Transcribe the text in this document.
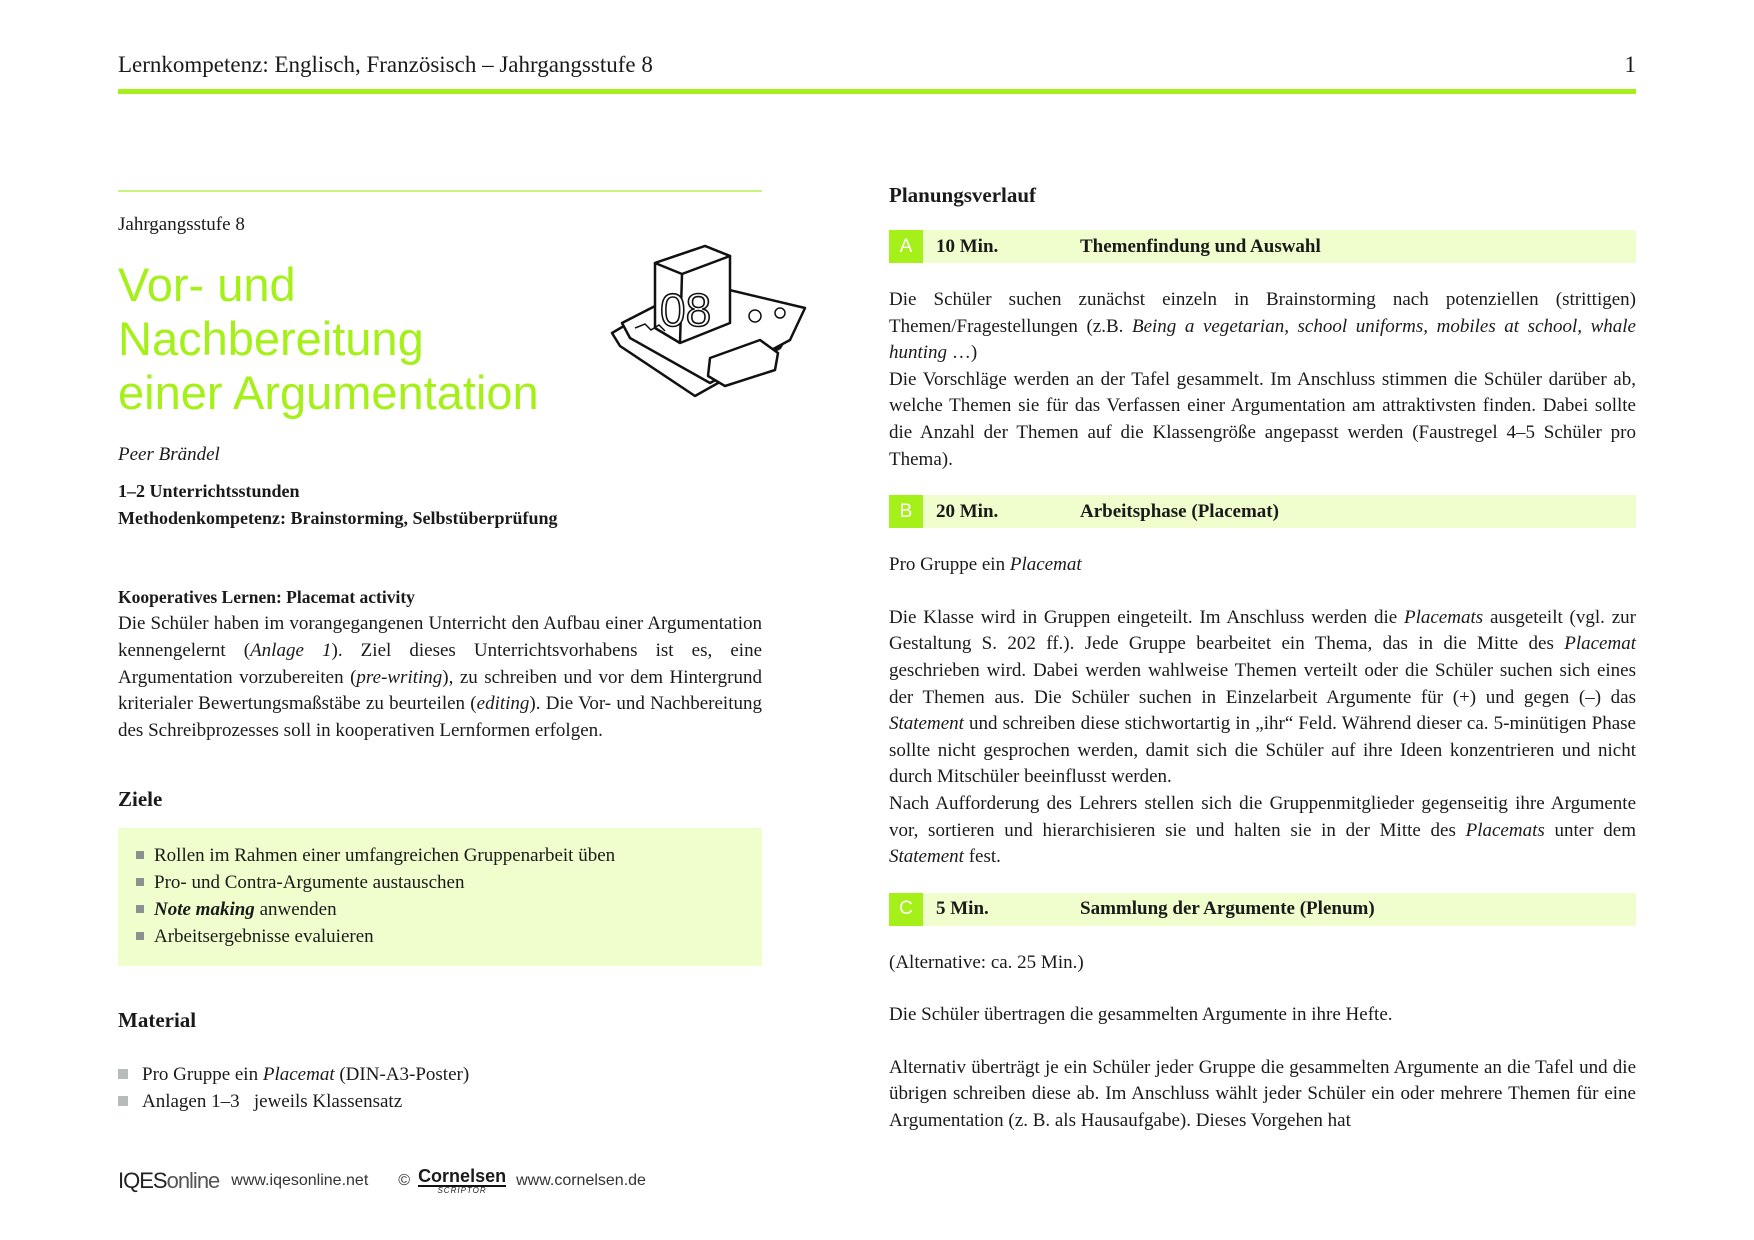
Lernkompetenz: Englisch, Französisch – Jahrgangsstufe 8	1
Jahrgangsstufe 8
Vor- und
Nachbereitung
einer Argumentation
Peer Brändel
1–2 Unterrichtsstunden
Methodenkompetenz: Brainstorming, Selbstüberprüfung
Kooperatives Lernen: Placemat activity
Die Schüler haben im vorangegangenen Unterricht den Aufbau einer Argumentation kennengelernt (Anlage 1). Ziel dieses Unterrichtsvorhabens ist es, eine Argumentation vorzubereiten (pre-writing), zu schreiben und vor dem Hintergrund kriterialer Bewertungsmaßstäbe zu beurteilen (editing). Die Vor- und Nachbereitung des Schreibprozesses soll in kooperativen Lernformen erfolgen.
Ziele
Rollen im Rahmen einer umfangreichen Gruppenarbeit üben
Pro- und Contra-Argumente austauschen
Note making anwenden
Arbeitsergebnisse evaluieren
Material
Pro Gruppe ein Placemat (DIN-A3-Poster)
Anlagen 1–3   jeweils Klassensatz
08
Planungsverlauf
A	10 Min.	Themenfindung und Auswahl
Die Schüler suchen zunächst einzeln in Brainstorming nach potenziellen (strittigen) Themen/Fragestellungen (z.B. Being a vegetarian, school uniforms, mobiles at school, whale hunting …)
Die Vorschläge werden an der Tafel gesammelt. Im Anschluss stimmen die Schüler darüber ab, welche Themen sie für das Verfassen einer Argumentation am attraktivsten finden. Dabei sollte die Anzahl der Themen auf die Klassengröße angepasst werden (Faustregel 4–5 Schüler pro Thema).
B	20 Min.	Arbeitsphase (Placemat)
Pro Gruppe ein Placemat
Die Klasse wird in Gruppen eingeteilt. Im Anschluss werden die Placemats ausgeteilt (vgl. zur Gestaltung S. 202 ff.). Jede Gruppe bearbeitet ein Thema, das in die Mitte des Placemat geschrieben wird. Dabei werden wahlweise Themen verteilt oder die Schüler suchen sich eines der Themen aus. Die Schüler suchen in Einzelarbeit Argumente für (+) und gegen (–) das Statement und schreiben diese stichwortartig in „ihr“ Feld. Während dieser ca. 5-minütigen Phase sollte nicht gesprochen werden, damit sich die Schüler auf ihre Ideen konzentrieren und nicht durch Mitschüler beeinflusst werden.
Nach Aufforderung des Lehrers stellen sich die Gruppenmitglieder gegenseitig ihre Argumente vor, sortieren und hierarchisieren sie und halten sie in der Mitte des Placemats unter dem Statement fest.
C	5 Min.	Sammlung der Argumente (Plenum)
(Alternative: ca. 25 Min.)
Die Schüler übertragen die gesammelten Argumente in ihre Hefte.
Alternativ überträgt je ein Schüler jeder Gruppe die gesammelten Argumente an die Tafel und die übrigen schreiben diese ab. Im Anschluss wählt jeder Schüler ein oder mehrere Themen für eine Argumentation (z. B. als Hausaufgabe). Dieses Vorgehen hat
IQESonline www.iqesonline.net © Cornelsen
SCRIPTOR
www.cornelsen.de
